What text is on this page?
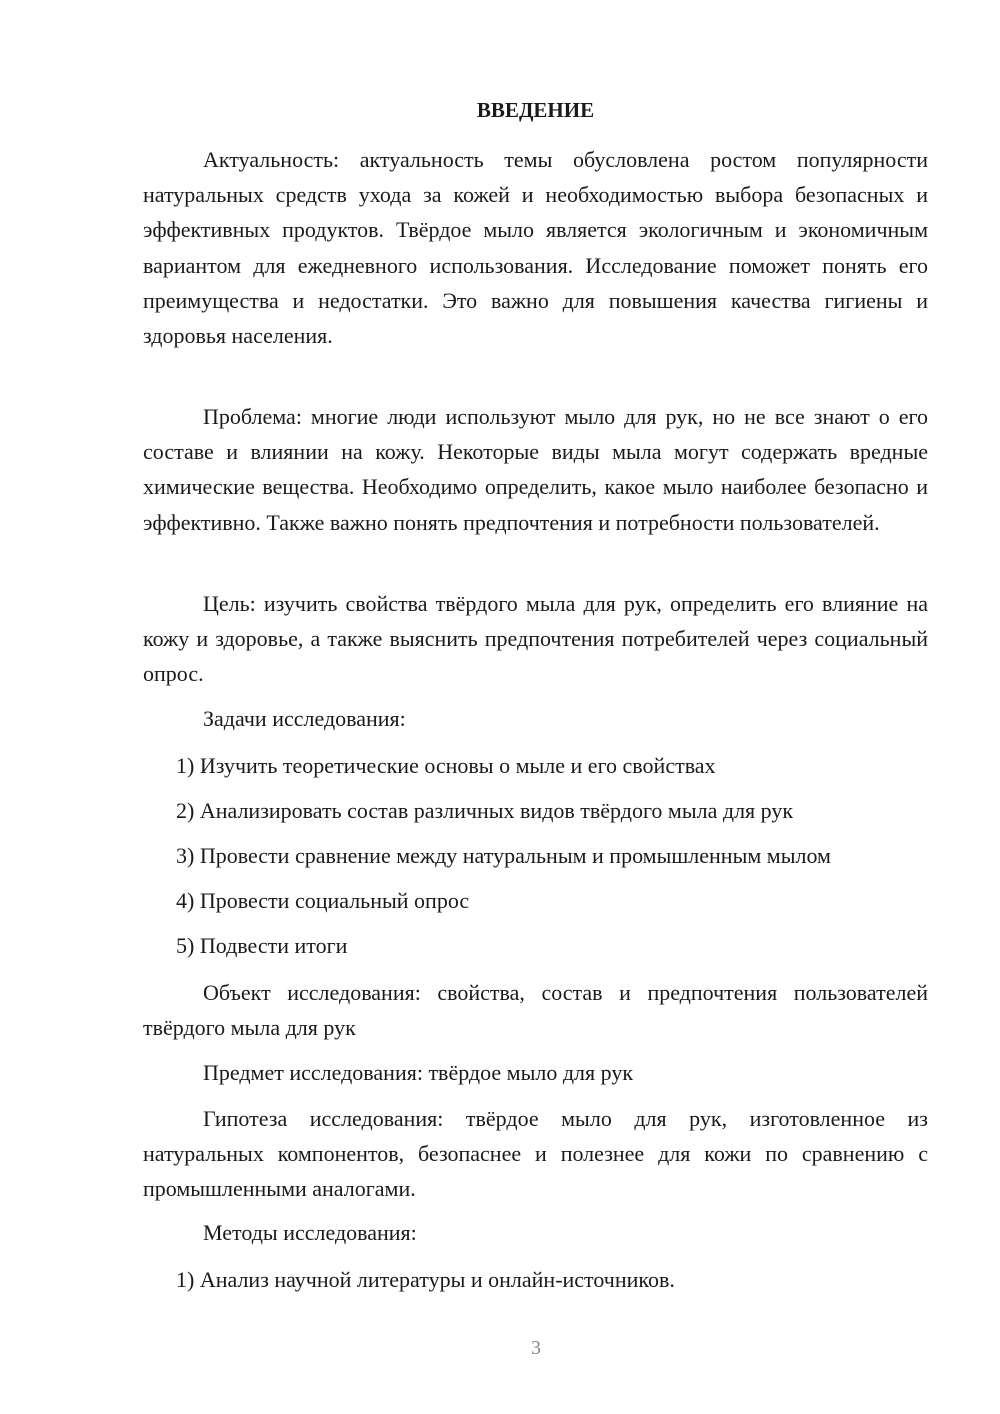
ВВЕДЕНИЕ

Актуальность: актуальность темы обусловлена ростом популярности натуральных средств ухода за кожей и необходимостью выбора безопасных и эффективных продуктов. Твёрдое мыло является экологичным и экономичным вариантом для ежедневного использования. Исследование поможет понять его преимущества и недостатки. Это важно для повышения качества гигиены и здоровья населения.

Проблема: многие люди используют мыло для рук, но не все знают о его составе и влиянии на кожу. Некоторые виды мыла могут содержать вредные химические вещества. Необходимо определить, какое мыло наиболее безопасно и эффективно. Также важно понять предпочтения и потребности пользователей.

Цель: изучить свойства твёрдого мыла для рук, определить его влияние на кожу и здоровье, а также выяснить предпочтения потребителей через социальный опрос.

Задачи исследования:

1) Изучить теоретические основы о мыле и его свойствах

2) Анализировать состав различных видов твёрдого мыла для рук

3) Провести сравнение между натуральным и промышленным мылом

4) Провести социальный опрос

5) Подвести итоги

Объект исследования: свойства, состав и предпочтения пользователей твёрдого мыла для рук

Предмет исследования: твёрдое мыло для рук

Гипотеза исследования: твёрдое мыло для рук, изготовленное из натуральных компонентов, безопаснее и полезнее для кожи по сравнению с промышленными аналогами.

Методы исследования:

1) Анализ научной литературы и онлайн-источников.

3
